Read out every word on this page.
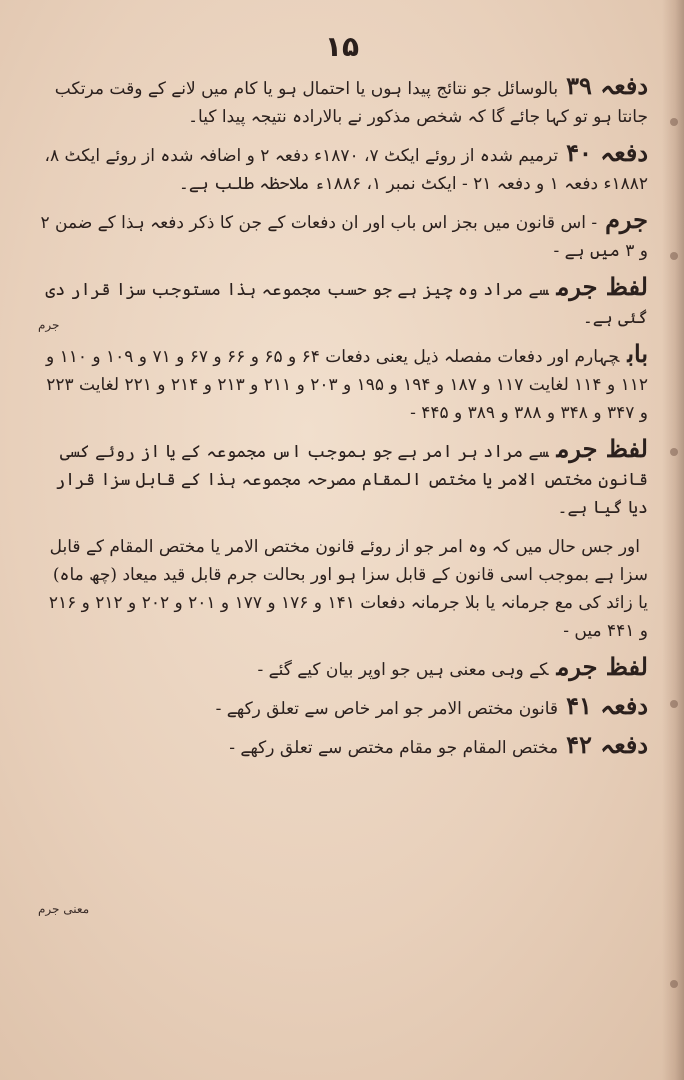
۱۵

دفعہ ۳۹بالوسائل جو نتائج پیدا ہوں یا احتمال ہو یا کام میں لانے کے وقت مرتکب جانتا ہو تو کہا جائے گا کہ شخص مذکور نے بالارادہ نتیجہ پیدا کیا۔

دفعہ ۴۰ترمیم شدہ از روئے ایکٹ ۷، ۱۸۷۰ء دفعہ ۲ و اضافہ شدہ از روئے ایکٹ ۸، ۱۸۸۲ء دفعہ ۱ و دفعہ ۲۱ - ایکٹ نمبر ۱، ۱۸۸۶ء ملاحظہ طلب ہے۔

جرم- اس قانون میں بجز اس باب اور ان دفعات کے جن کا ذکر دفعہ ہذا کے ضمن ۲ و ۳ میں ہے -

لفظ جرمسے مراد وہ چیز ہے جو حسب مجموعہ ہذا مستوجب سزا قرار دی گئی ہے۔

بابچہارم اور دفعات مفصلہ ذیل یعنی دفعات ۶۴ و ۶۵ و ۶۶ و ۶۷ و ۷۱ و ۱۰۹ و ۱۱۰ و ۱۱۲ و ۱۱۴ لغایت ۱۱۷ و ۱۸۷ و ۱۹۴ و ۱۹۵ و ۲۰۳ و ۲۱۱ و ۲۱۳ و ۲۱۴ و ۲۲۱ لغایت ۲۲۳ و ۳۴۷ و ۳۴۸ و ۳۸۸ و ۳۸۹ و ۴۴۵ -

لفظ جرمسے مراد ہر امر ہے جو بموجب اس مجموعہ کے یا از روئے کسی قانون مختص الامر یا مختص المقام مصرحہ مجموعہ ہذا کے قابل سزا قرار دیا گیا ہے۔

اور جس حال میں کہ وہ امر جو از روئے قانون مختص الامر یا مختص المقام کے قابل سزا ہے بموجب اسی قانون کے قابل سزا ہو اور بحالت جرم قابل قید میعاد (چھ ماہ) یا زائد کی مع جرمانہ یا بلا جرمانہ دفعات ۱۴۱ و ۱۷۶ و ۱۷۷ و ۲۰۱ و ۲۰۲ و ۲۱۲ و ۲۱۶ و ۴۴۱ میں -

لفظ جرمکے وہی معنی ہیں جو اوپر بیان کیے گئے -

دفعہ ۴۱قانون مختص الامر جو امر خاص سے تعلق رکھے -

دفعہ ۴۲مختص المقام جو مقام مختص سے تعلق رکھے -

جرم
معنی جرم
